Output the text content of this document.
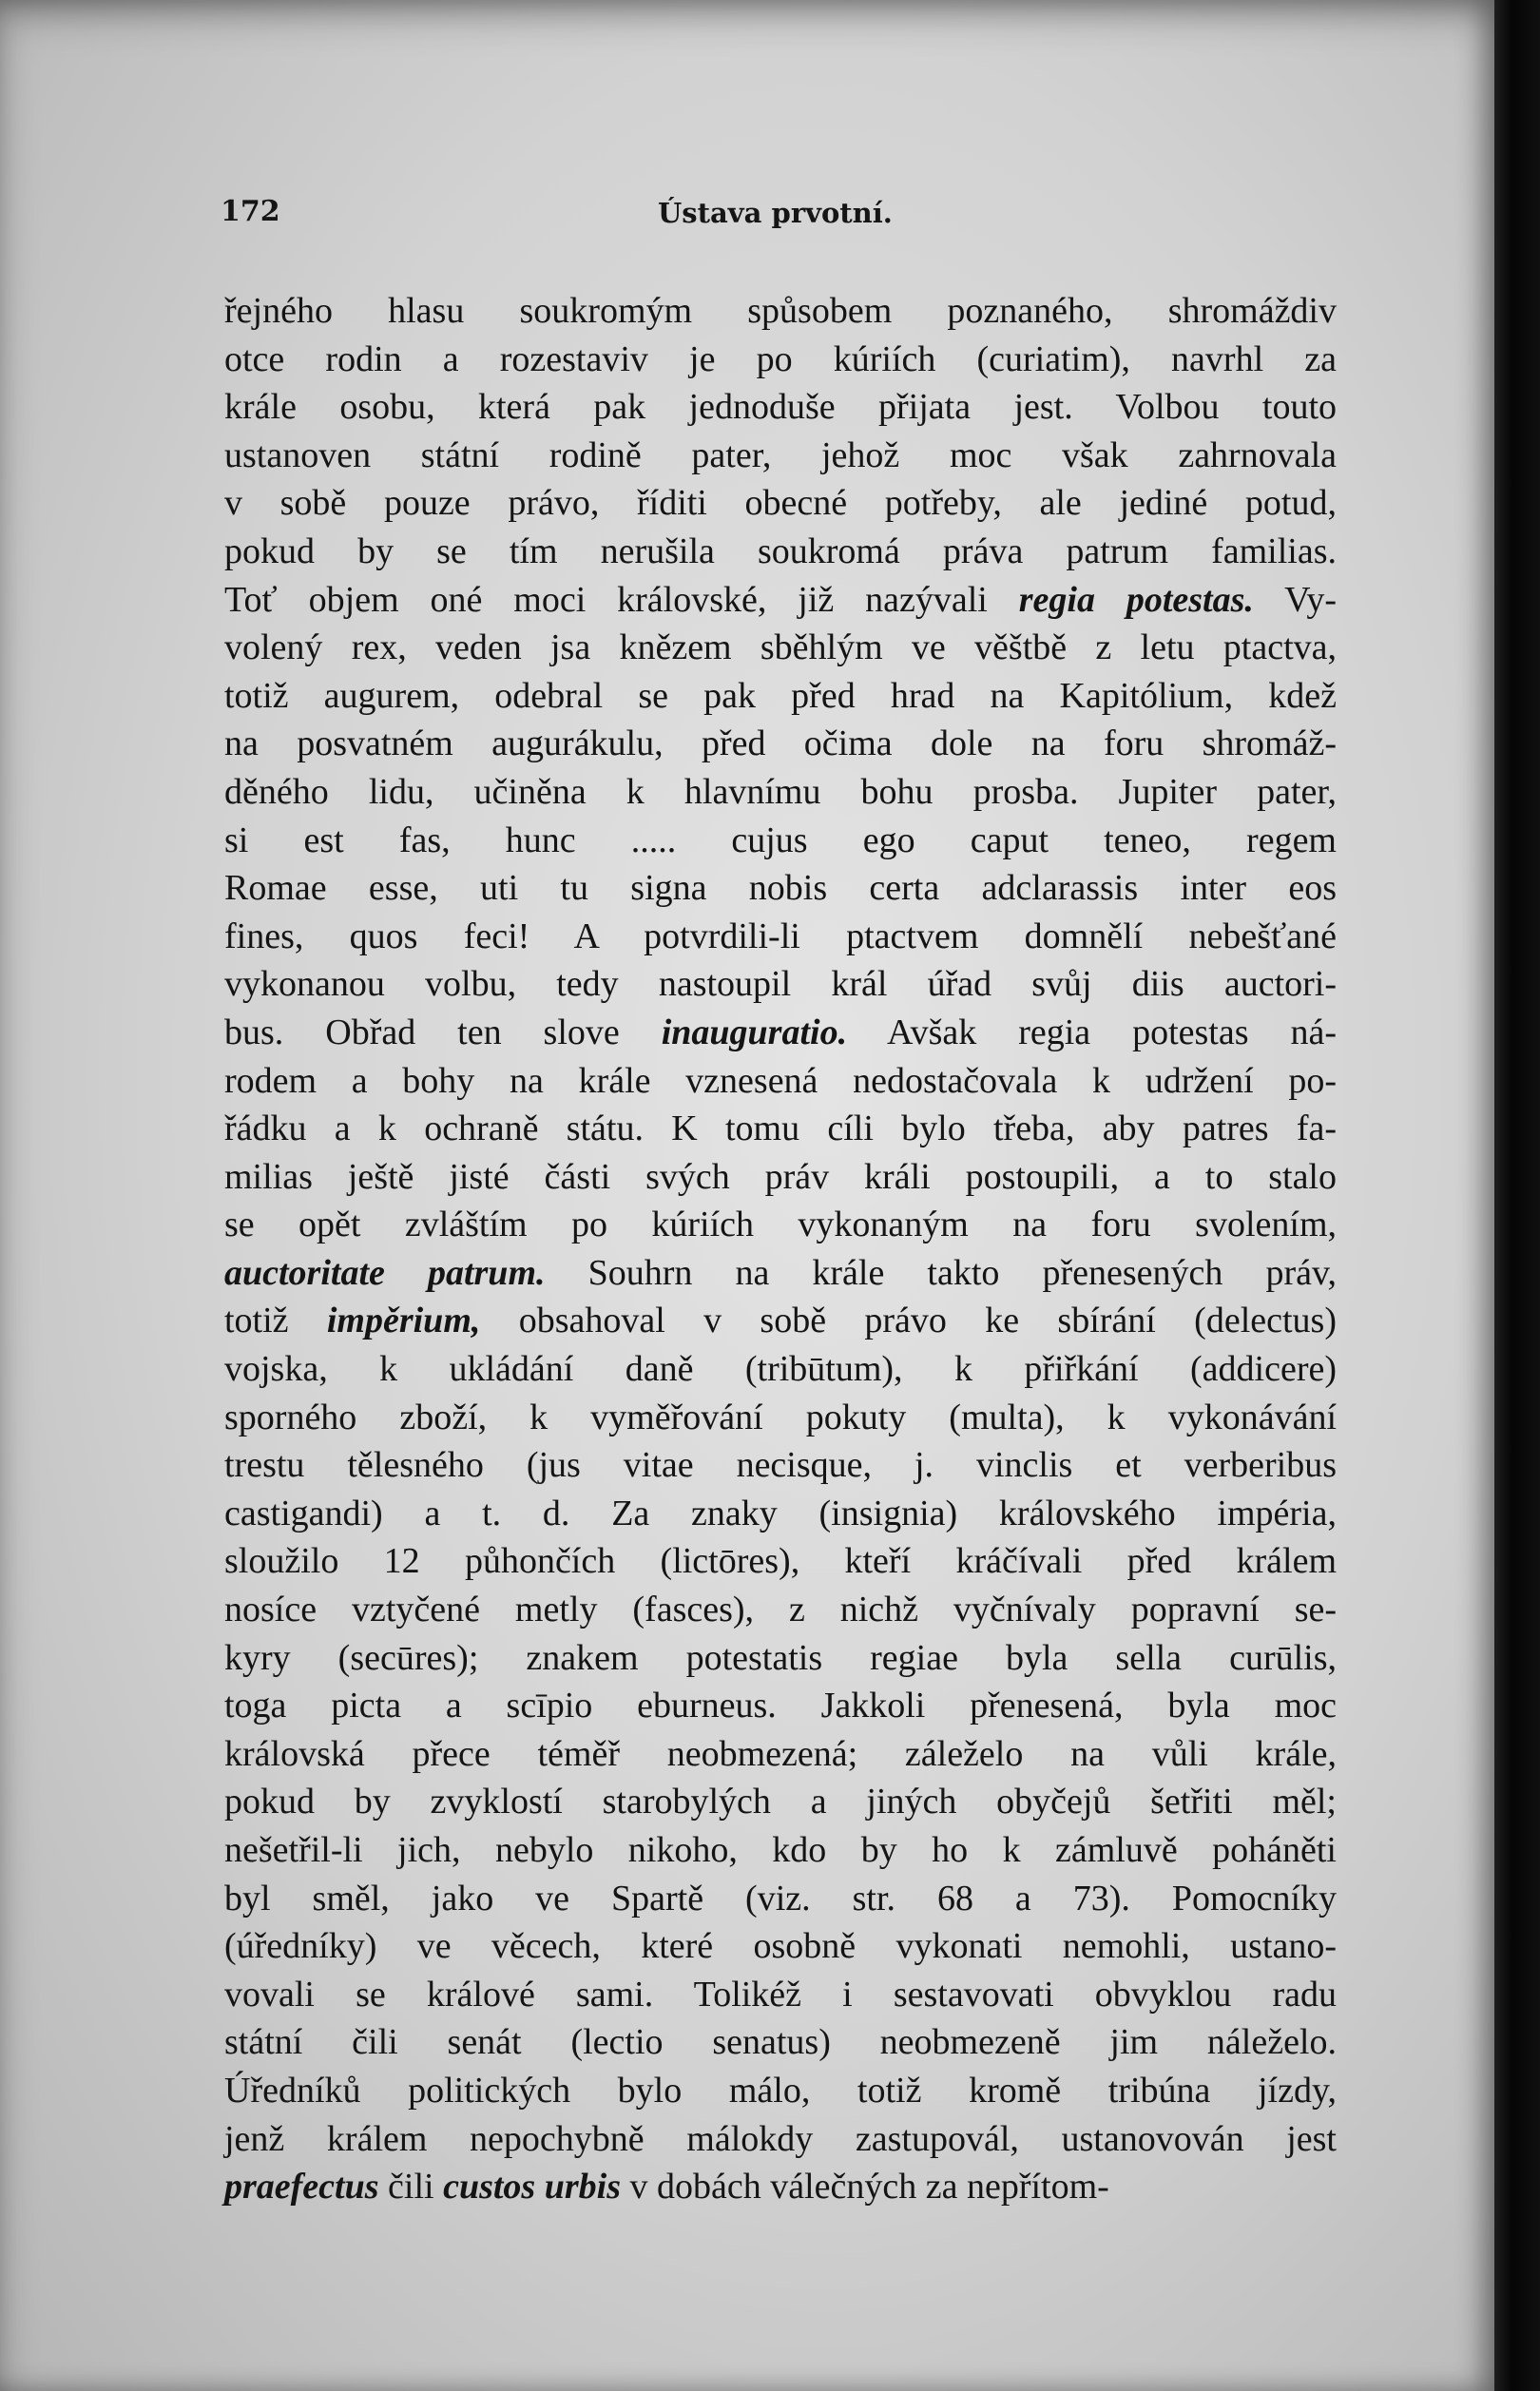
172	Ústava prvotní.
řejného hlasu soukromým spůsobem poznaného, shromáždiv
otce rodin a rozestaviv je po kúriích (curiatim), navrhl za
krále osobu, která pak jednoduše přijata jest. Volbou touto
ustanoven státní rodině pater, jehož moc však zahrnovala
v sobě pouze právo, říditi obecné potřeby, ale jediné potud,
pokud by se tím nerušila soukromá práva patrum familias.
Toť objem oné moci královské, již nazývali regia potestas. Vy-
volený rex, veden jsa knězem sběhlým ve věštbě z letu ptactva,
totiž augurem, odebral se pak před hrad na Kapitólium, kdež
na posvatném augurákulu, před očima dole na foru shromáž-
děného lidu, učiněna k hlavnímu bohu prosba. Jupiter pater,
si est fas, hunc ..... cujus ego caput teneo, regem
Romae esse, uti tu signa nobis certa adclarassis inter eos
fines, quos feci! A potvrdili-li ptactvem domnělí nebešťané
vykonanou volbu, tedy nastoupil král úřad svůj diis auctori-
bus. Obřad ten slove inauguratio. Avšak regia potestas ná-
rodem a bohy na krále vznesená nedostačovala k udržení po-
řádku a k ochraně státu. K tomu cíli bylo třeba, aby patres fa-
milias ještě jisté části svých práv králi postoupili, a to stalo
se opět zvláštím po kúriích vykonaným na foru svolením,
auctoritate patrum. Souhrn na krále takto přenesených práv,
totiž impěrium, obsahoval v sobě právo ke sbírání (delectus)
vojska, k ukládání daně (tribūtum), k přiřkání (addicere)
sporného zboží, k vyměřování pokuty (multa), k vykonávání
trestu tělesného (jus vitae necisque, j. vinclis et verberibus
castigandi) a t. d. Za znaky (insignia) královského impéria,
sloužilo 12 půhončích (lictōres), kteří kráčívali před králem
nosíce vztyčené metly (fasces), z nichž vyčnívaly popravní se-
kyry (secūres); znakem potestatis regiae byla sella curūlis,
toga picta a scīpio eburneus. Jakkoli přenesená, byla moc
královská přece téměř neobmezená; záleželo na vůli krále,
pokud by zvyklostí starobylých a jiných obyčejů šetřiti měl;
nešetřil-li jich, nebylo nikoho, kdo by ho k zámluvě poháněti
byl směl, jako ve Spartě (viz. str. 68 a 73). Pomocníky
(úředníky) ve věcech, které osobně vykonati nemohli, ustano-
vovali se králové sami. Tolikéž i sestavovati obvyklou radu
státní čili senát (lectio senatus) neobmezeně jim náleželo.
Úředníků politických bylo málo, totiž kromě tribúna jízdy,
jenž králem nepochybně málokdy zastupovál, ustanovován jest
praefectus čili custos urbis v dobách válečných za nepřítom-
